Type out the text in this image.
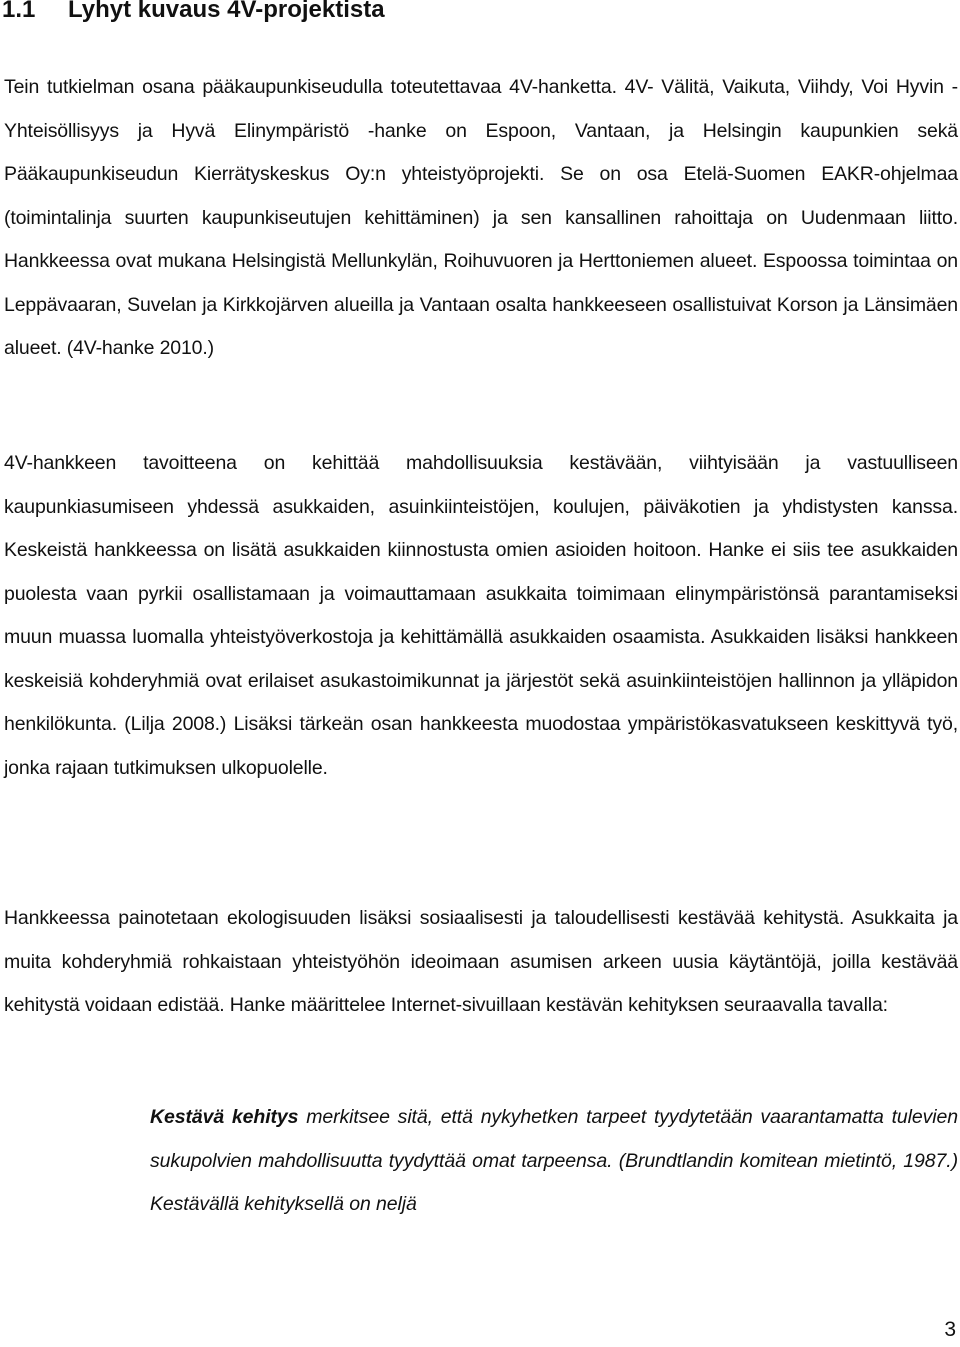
1.1 Lyhyt kuvaus 4V-projektista

Tein tutkielman osana pääkaupunkiseudulla toteutettavaa 4V-hanketta. 4V- Välitä, Vaikuta, Viihdy, Voi Hyvin - Yhteisöllisyys ja Hyvä Elinympäristö -hanke on Espoon, Vantaan, ja Helsingin kaupunkien sekä Pääkaupunkiseudun Kierrätyskeskus Oy:n yhteistyöprojekti. Se on osa Etelä-Suomen EAKR-ohjelmaa (toimintalinja suurten kaupunkiseutujen kehittäminen) ja sen kansallinen rahoittaja on Uudenmaan liitto. Hankkeessa ovat mukana Helsingistä Mellunkylän, Roihuvuoren ja Herttoniemen alueet. Espoossa toimintaa on Leppävaaran, Suvelan ja Kirkkojärven alueilla ja Vantaan osalta hankkeeseen osallistuivat Korson ja Länsimäen alueet. (4V-hanke 2010.)

4V-hankkeen tavoitteena on kehittää mahdollisuuksia kestävään, viihtyisään ja vastuulliseen kaupunkiasumiseen yhdessä asukkaiden, asuinkiinteistöjen, koulujen, päiväkotien ja yhdistysten kanssa. Keskeistä hankkeessa on lisätä asukkaiden kiinnostusta omien asioiden hoitoon. Hanke ei siis tee asukkaiden puolesta vaan pyrkii osallistamaan ja voimauttamaan asukkaita toimimaan elinympäristönsä parantamiseksi muun muassa luomalla yhteistyöverkostoja ja kehittämällä asukkaiden osaamista. Asukkaiden lisäksi hankkeen keskeisiä kohderyhmiä ovat erilaiset asukastoimikunnat ja järjestöt sekä asuinkiinteistöjen hallinnon ja ylläpidon henkilökunta. (Lilja 2008.) Lisäksi tärkeän osan hankkeesta muodostaa ympäristökasvatukseen keskittyvä työ, jonka rajaan tutkimuksen ulkopuolelle.

Hankkeessa painotetaan ekologisuuden lisäksi sosiaalisesti ja taloudellisesti kestävää kehitystä. Asukkaita ja muita kohderyhmiä rohkaistaan yhteistyöhön ideoimaan asumisen arkeen uusia käytäntöjä, joilla kestävää kehitystä voidaan edistää. Hanke määrittelee Internet-sivuillaan kestävän kehityksen seuraavalla tavalla:

Kestävä kehitys merkitsee sitä, että nykyhetken tarpeet tyydytetään vaarantamatta tulevien sukupolvien mahdollisuutta tyydyttää omat tarpeensa. (Brundtlandin komitean mietintö, 1987.) Kestävällä kehityksellä on neljä

3
